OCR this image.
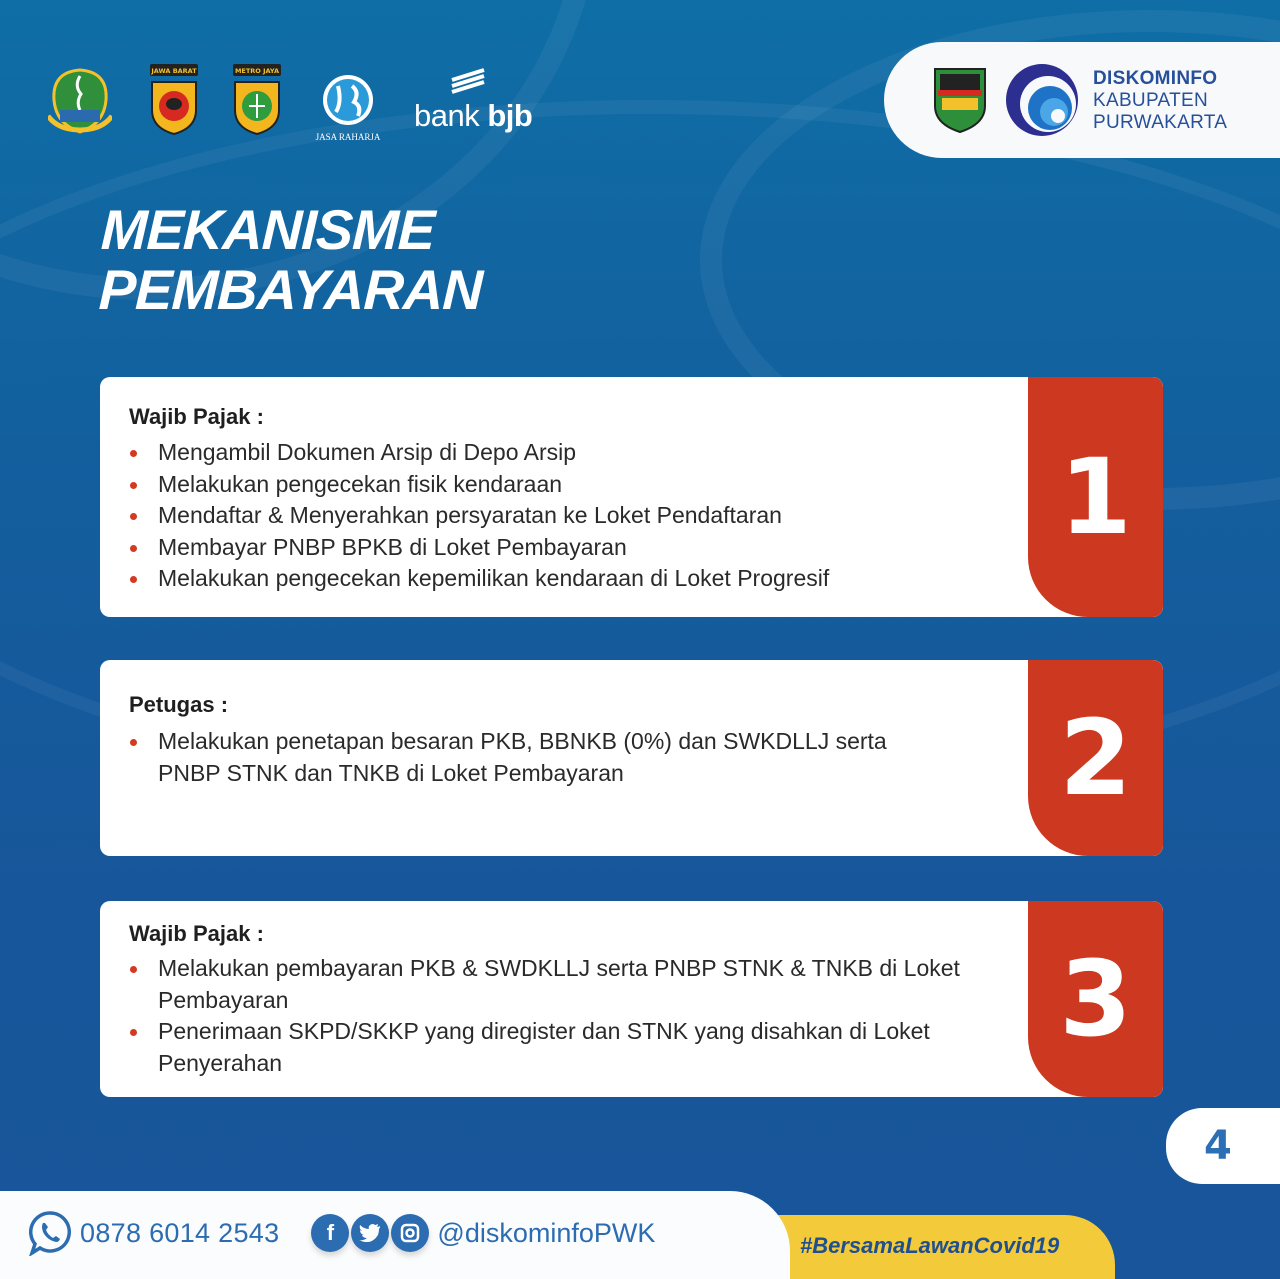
JAWA BARAT	METRO JAYA
JASA RAHARJA
bank bjb
DISKOMINFO
KABUPATEN
PURWAKARTA
MEKANISME
PEMBAYARAN
Wajib Pajak :
Mengambil Dokumen Arsip di Depo Arsip
Melakukan pengecekan fisik kendaraan
Mendaftar & Menyerahkan persyaratan ke Loket Pendaftaran
Membayar PNBP BPKB di Loket Pembayaran
Melakukan pengecekan kepemilikan kendaraan di Loket Progresif
1
Petugas :
Melakukan penetapan besaran PKB, BBNKB (0%) dan SWKDLLJ serta PNBP STNK dan TNKB di Loket Pembayaran	2
Wajib Pajak :
Melakukan pembayaran PKB & SWDKLLJ serta PNBP STNK & TNKB di Loket Pembayaran
Penerimaan SKPD/SKKP yang diregister dan STNK yang disahkan di Loket Penyerahan
3
4
#BersamaLawanCovid19
0878 6014 2543	f	@diskominfoPWK
